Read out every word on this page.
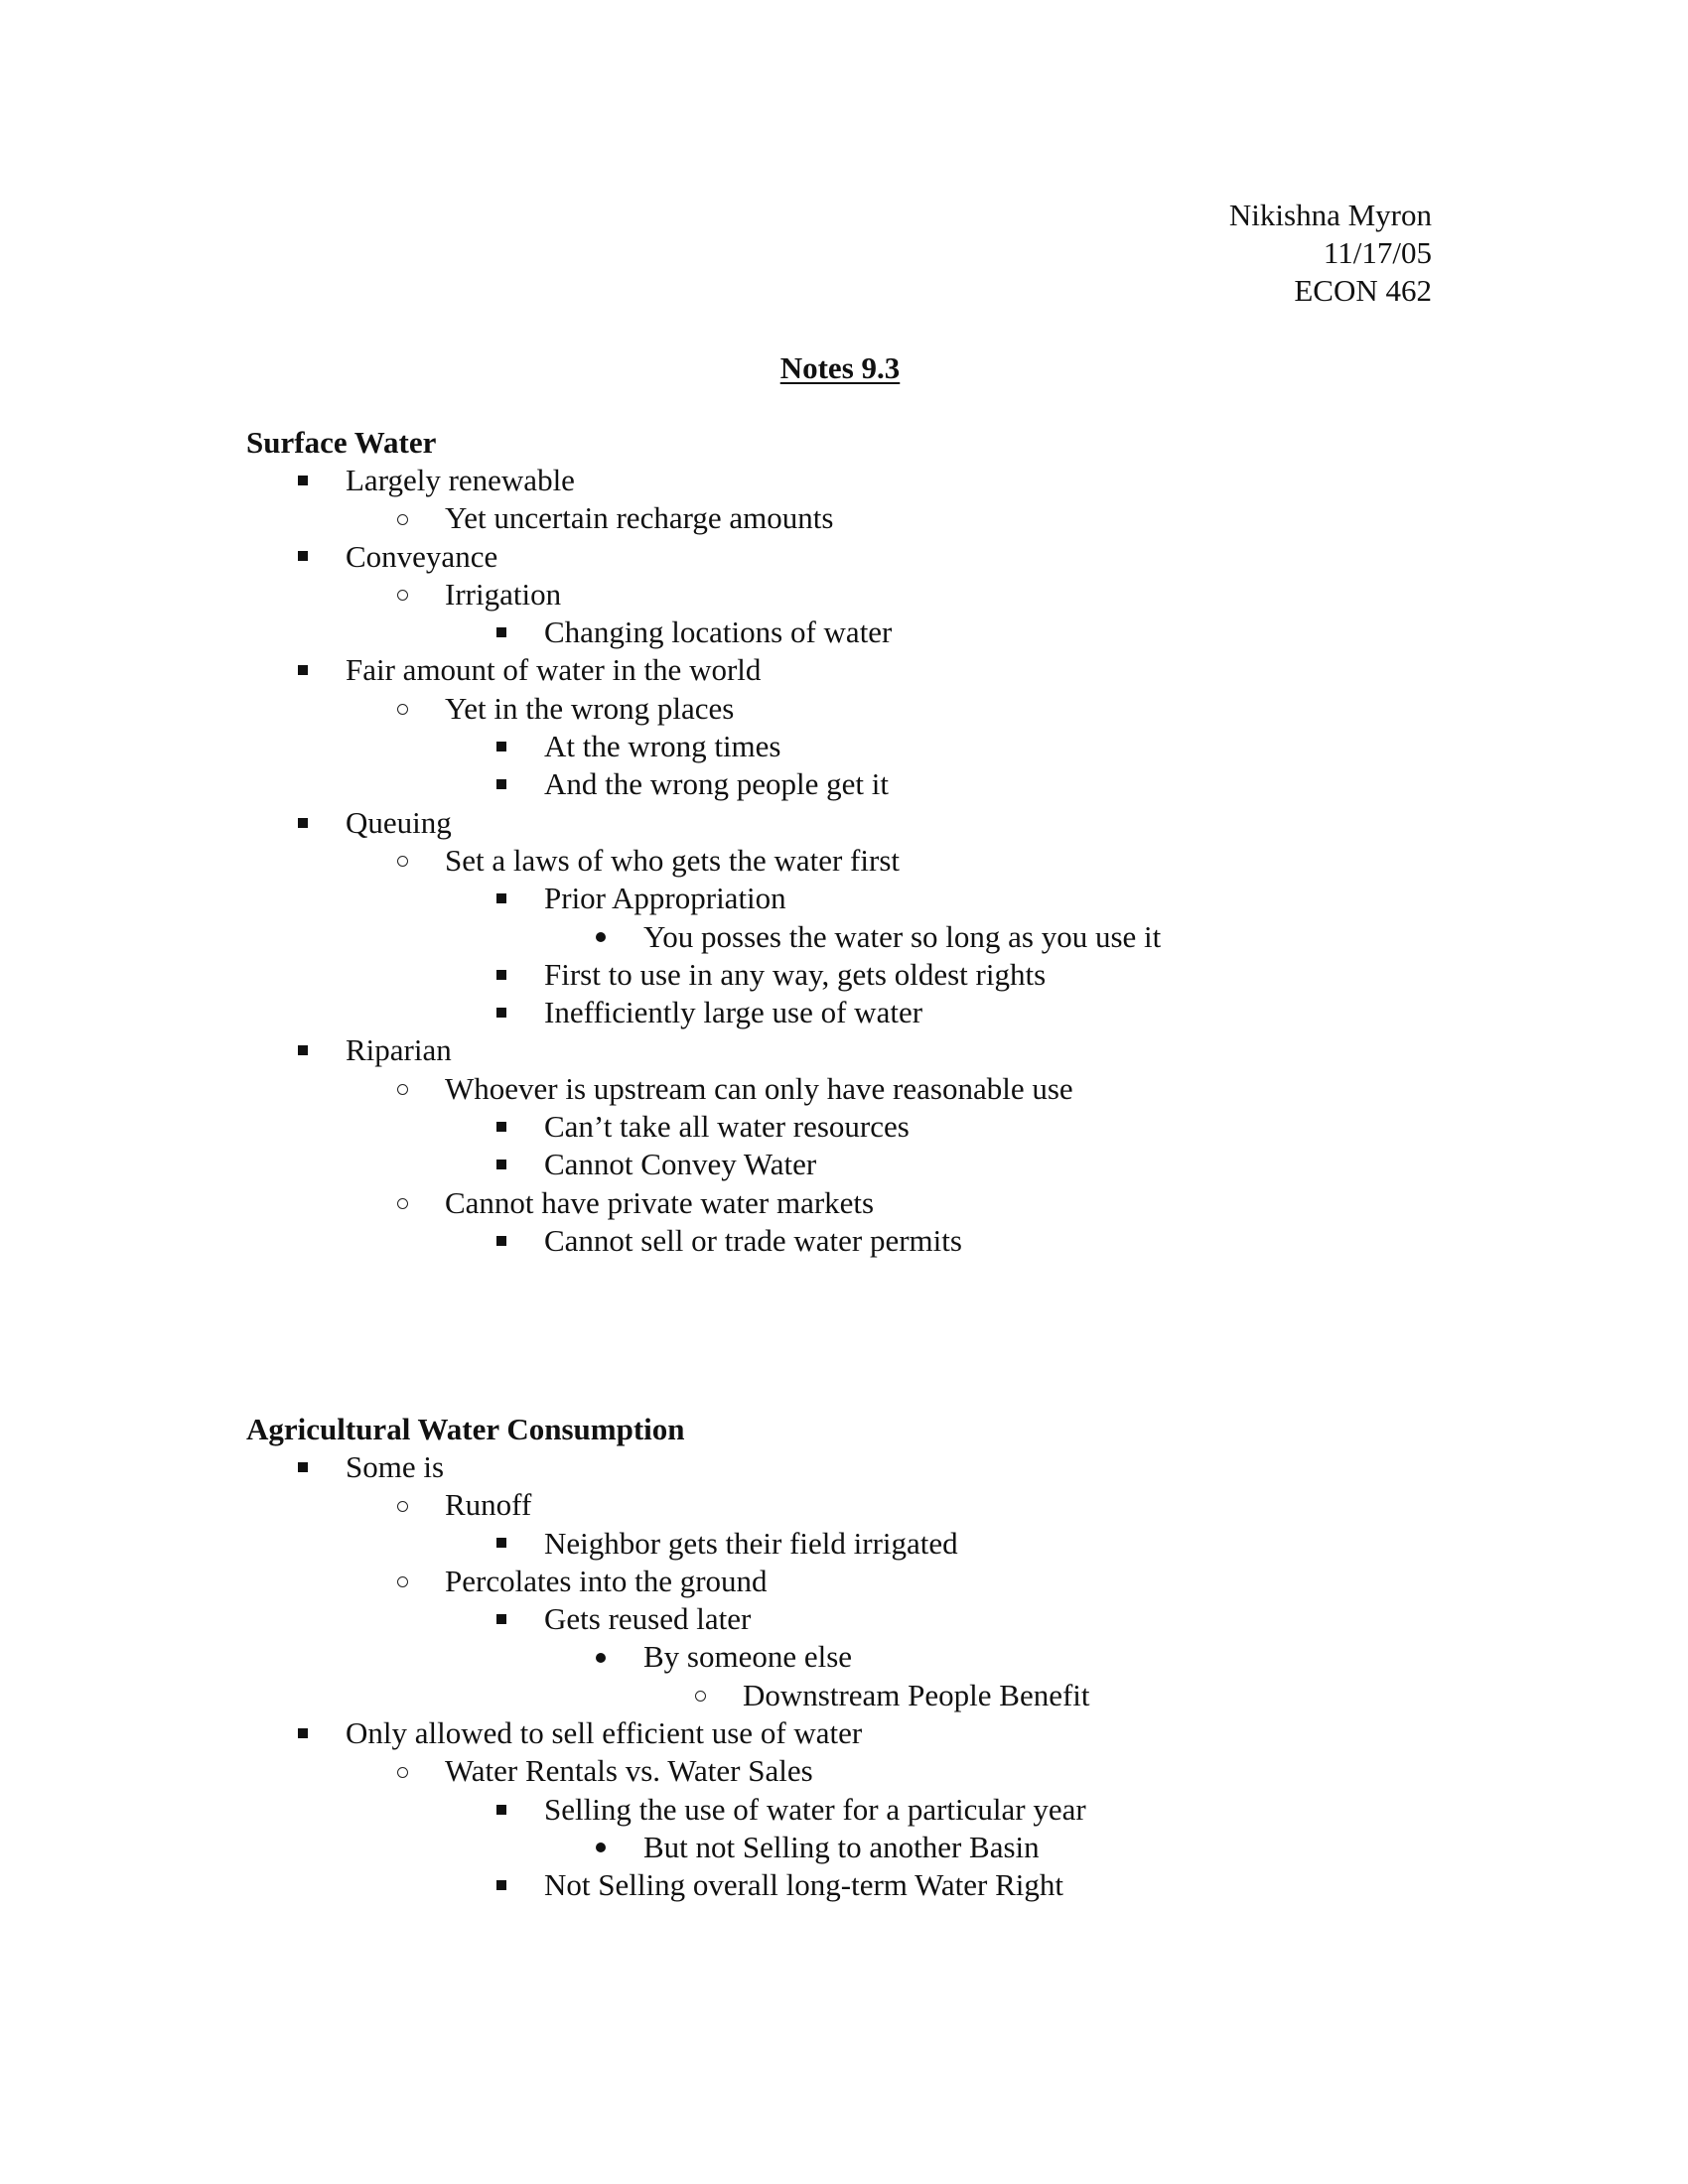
Nikishna Myron
11/17/05
ECON 462
Notes 9.3
Surface Water
Largely renewable
Yet uncertain recharge amounts
Conveyance
Irrigation
Changing locations of water
Fair amount of water in the world
Yet in the wrong places
At the wrong times
And the wrong people get it
Queuing
Set a laws of who gets the water first
Prior Appropriation
You posses the water so long as you use it
First to use in any way, gets oldest rights
Inefficiently large use of water
Riparian
Whoever is upstream can only have reasonable use
Can’t take all water resources
Cannot Convey Water
Cannot have private water markets
Cannot sell or trade water permits
Agricultural Water Consumption
Some is
Runoff
Neighbor gets their field irrigated
Percolates into the ground
Gets reused later
By someone else
Downstream People Benefit
Only allowed to sell efficient use of water
Water Rentals vs. Water Sales
Selling the use of water for a particular year
But not Selling to another Basin
Not Selling overall long-term Water Right
